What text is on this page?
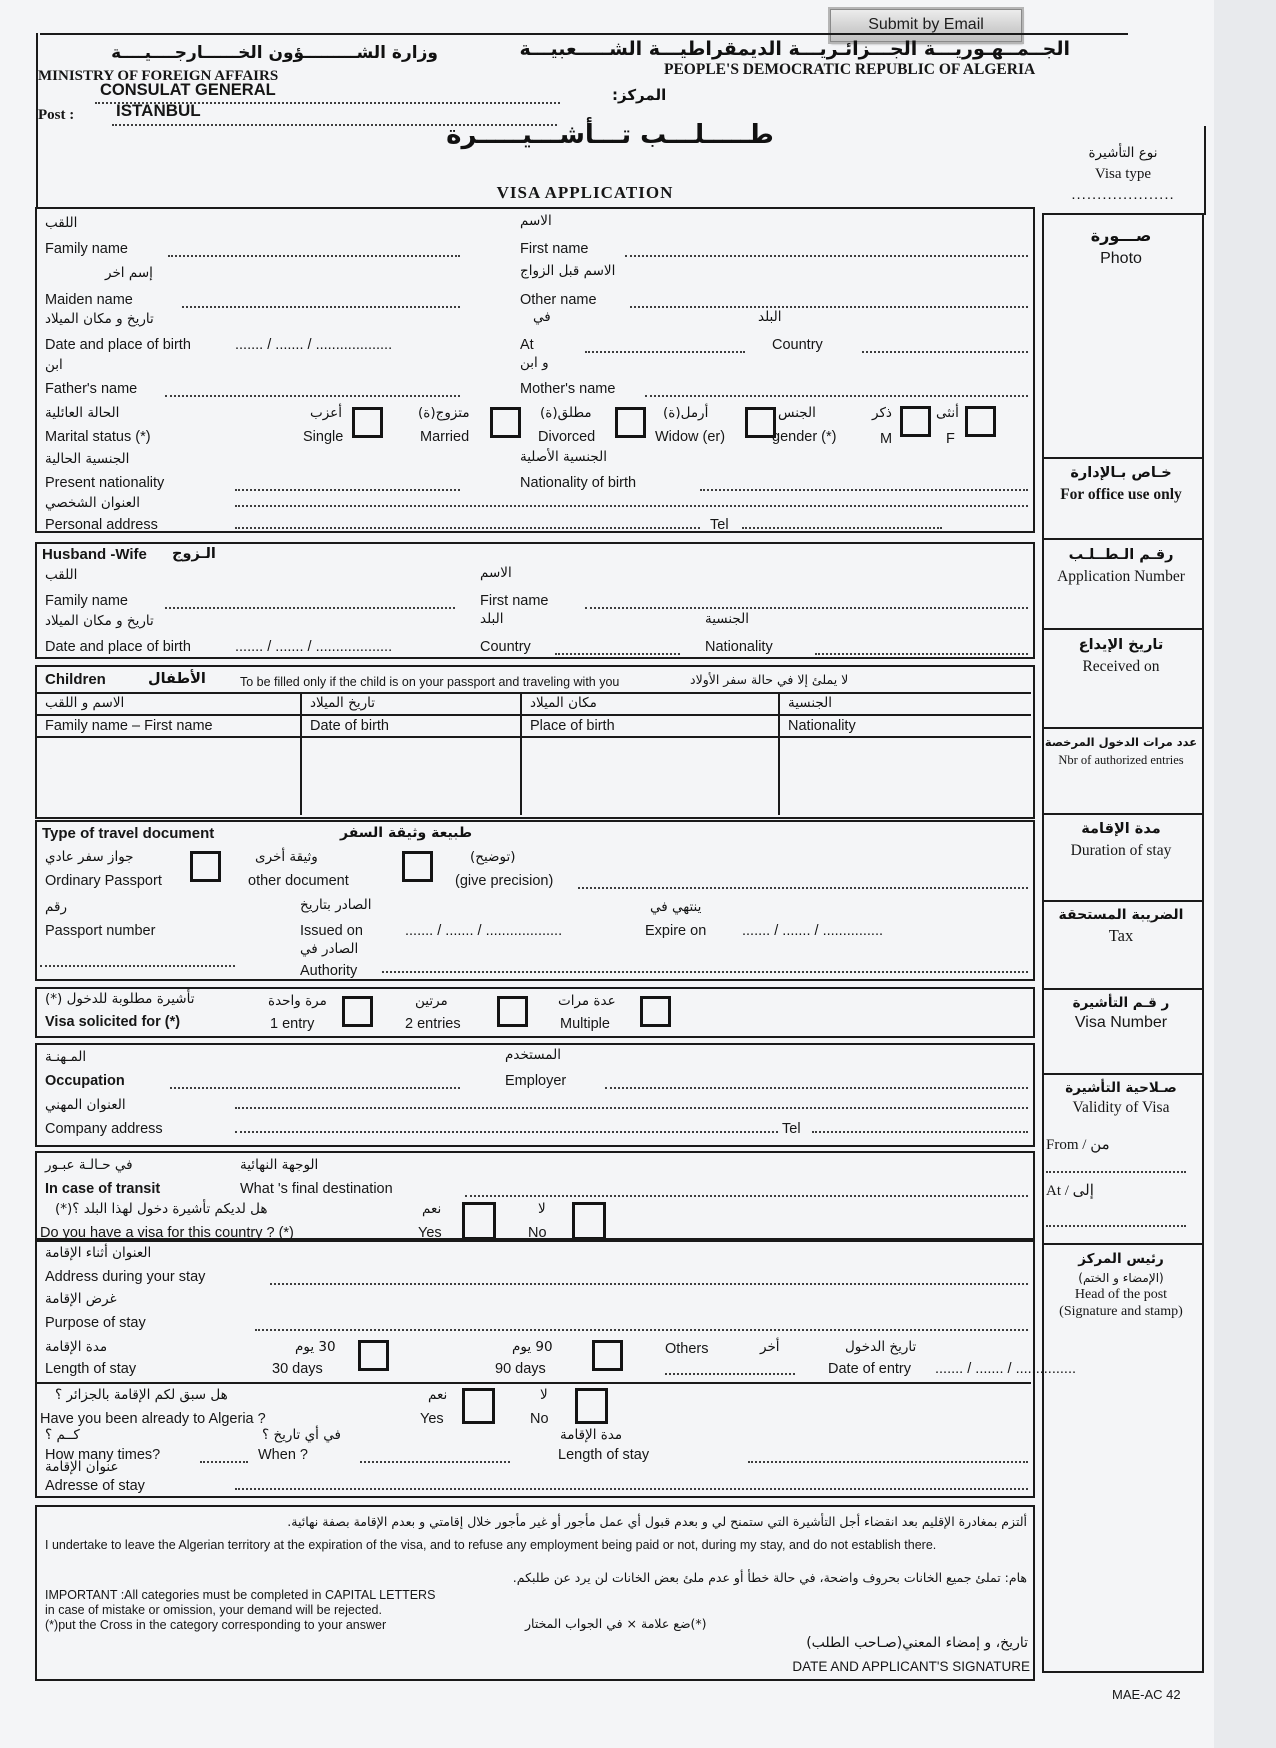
Submit by Email
الجــمــهـوريـــة الجـــزائـريـــة الديمقراطيـــة الشـــــعبيـــة
PEOPLE'S DEMOCRATIC REPUBLIC OF ALGERIA
وزارة الشـــــــــؤون الخــــــارجــــيــــة
MINISTRY OF FOREIGN AFFAIRS
CONSULAT GENERAL	المركز:
Post : ISTANBUL
طـــــلـــب تـــأشـــيـــــرة
VISA APPLICATION
نوع التأشيرة
Visa type
....................
اللقب
Family name
الاسم
First name
إسم اخر
Maiden name
الاسم قبل الزواج
Other name
تاريخ و مكان الميلاد
Date and place of birth	....... / ....... / ...................
في
At
البلد
Country
ابن
Father's name
و ابن
Mother's name
الحالة العائلية
Marital status (*)
أعزب
Single
متزوج(ة)
Married
مطلق(ة)
Divorced
أرمل(ة)
Widow (er)
الجنس
gender (*)
ذكر
M
أنثى
F
الجنسية الحالية
Present nationality
الجنسية الأصلية
Nationality of birth
العنوان الشخصي
Personal address	Tel
Husband -Wife الـزوج
اللقب
Family name
الاسم
First name
تاريخ و مكان الميلاد
Date and place of birth	....... / ....... / ...................
البلد
Country
الجنسية
Nationality
Children	الأطفال	To be filled only if the child is on your passport and traveling with you	لا يملئ إلا في حالة سفر الأولاد
الاسم و اللقب	تاريخ الميلاد	مكان الميلاد	الجنسية
Family name – First name	Date of birth	Place of birth	Nationality
Type of travel document	طبيعة وثيقة السفر
جواز سفر عادي
Ordinary Passport
وثيقة أخرى
other document
(توضيح)
(give precision)
رقم
Passport number
الصادر بتاريخ
Issued on	....... / ....... / ...................
ينتهي في
Expire on ....... / ....... / ...............
الصادر في
Authority
تأشيرة مطلوبة للدخول (*)
Visa solicited for (*)
مرة واحدة
1 entry
مرتين
2 entries
عدة مرات
Multiple
المـهنـة
Occupation
المستخدم
Employer
العنوان المهني
Company address	Tel
في حـالـة عبـور
In case of transit
الوجهة النهائية
What 's final destination
هل لديكم تأشيرة دخول لهذا البلد ؟(*)
Do you have a visa for this country ? (*)
نعم
Yes
لا
No
العنوان أثناء الإقامة
Address during your stay
غرض الإقامة
Purpose of stay
مدة الإقامة
Length of stay
30 يوم
30 days
90 يوم
90 days
Others	أخر	تاريخ الدخول
Date of entry ....... / ....... / ...............
هل سبق لكم الإقامة بالجزائر ؟
Have you been already to Algeria ?
نعم
Yes
لا
No
كــم ؟
How many times?
في أي تاريخ ؟
When ?
مدة الإقامة
Length of stay
عنوان الإقامة
Adresse of stay
ألتزم بمغادرة الإقليم بعد انقضاء أجل التأشيرة التي ستمنح لي و بعدم قبول أي عمل مأجور أو غير مأجور خلال إقامتي و بعدم الإقامة بصفة نهائية.
I undertake to leave the Algerian territory at the expiration of the visa, and to refuse any employment being paid or not, during my stay, and do not establish there.
هام: تملئ جميع الخانات بحروف واضحة، في حالة خطأ أو عدم ملئ بعض الخانات لن يرد عن طلبكم.
IMPORTANT :All categories must be completed in CAPITAL LETTERS
in case of mistake or omission, your demand will be rejected.
(*)put the Cross in the category corresponding to your answer	(*)ضع علامة × في الجواب المختار
تاريخ، و إمضاء المعني(صـاحب الطلب)
DATE AND APPLICANT'S SIGNATURE
صـــورة
Photo
خـاص بـالإدارة
For office use only
رقـم الـطــلـب
Application Number
تاريخ الإيداع
Received on
عدد مرات الدخول المرخصة
Nbr of authorized entries
مدة الإقامة
Duration of stay
الضريبة المستحقة
Tax
ر قـم التأشيرة
Visa Number
صـلاحية التأشيرة
Validity of Visa
From / من
At / إلى
رئيس المركز
(الإمضاء و الختم)
Head of the post
(Signature and stamp)
MAE-AC 42
